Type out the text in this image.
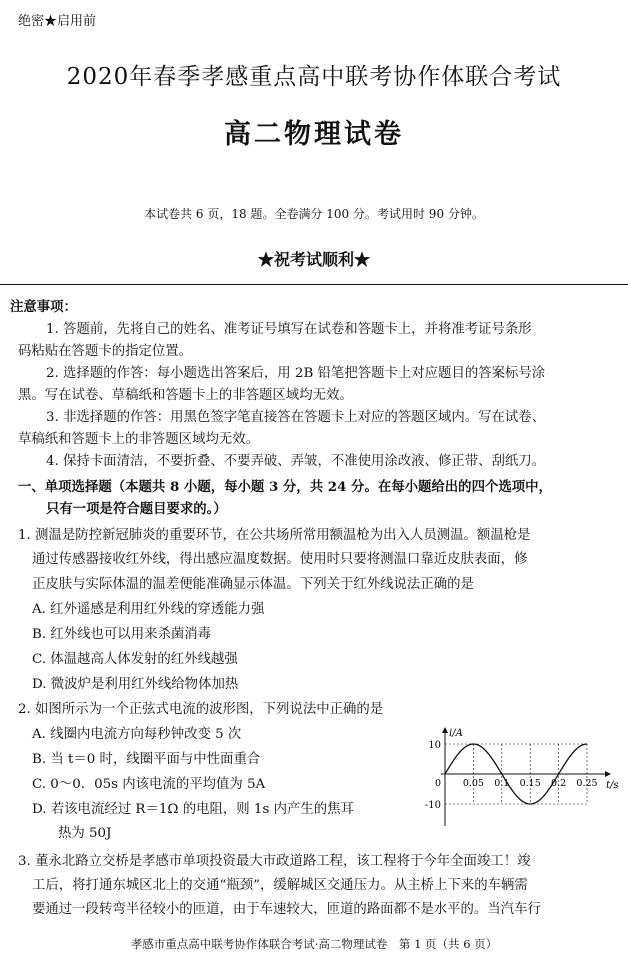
绝密★启用前
2020年春季孝感重点高中联考协作体联合考试
高二物理试卷
本试卷共 6 页，18 题。全卷满分 100 分。考试用时 90 分钟。
★祝考试顺利★
注意事项：
1. 答题前，先将自己的姓名、准考证号填写在试卷和答题卡上，并将准考证号条形
码粘贴在答题卡的指定位置。
2. 选择题的作答：每小题选出答案后，用 2B 铅笔把答题卡上对应题目的答案标号涂
黑。写在试卷、草稿纸和答题卡上的非答题区域均无效。
3. 非选择题的作答：用黑色签字笔直接答在答题卡上对应的答题区域内。写在试卷、
草稿纸和答题卡上的非答题区域均无效。
4. 保持卡面清洁，不要折叠、不要弄破、弄皱，不准使用涂改液、修正带、刮纸刀。
一、单项选择题（本题共 8 小题，每小题 3 分，共 24 分。在每小题给出的四个选项中，
只有一项是符合题目要求的。）
1. 测温是防控新冠肺炎的重要环节，在公共场所常用额温枪为出入人员测温。额温枪是
通过传感器接收红外线，得出感应温度数据。使用时只要将测温口靠近皮肤表面，修
正皮肤与实际体温的温差便能准确显示体温。下列关于红外线说法正确的是
A. 红外遥感是利用红外线的穿透能力强
B. 红外线也可以用来杀菌消毒
C. 体温越高人体发射的红外线越强
D. 微波炉是利用红外线给物体加热
2. 如图所示为一个正弦式电流的波形图，下列说法中正确的是
A. 线圈内电流方向每秒钟改变 5 次
B. 当 t＝0 时，线圈平面与中性面重合
C. 0～0．05s 内该电流的平均值为 5A
D. 若该电流经过 R＝1Ω 的电阻，则 1s 内产生的焦耳
热为 50J
i/A
t/s
10
-10
0 0.05 0.1 0.15 0.2 0.25
3. 董永北路立交桥是孝感市单项投资最大市政道路工程，该工程将于今年全面竣工！竣
工后，将打通东城区北上的交通“瓶颈”，缓解城区交通压力。从主桥上下来的车辆需
要通过一段转弯半径较小的匝道，由于车速较大，匝道的路面都不是水平的。当汽车行
孝感市重点高中联考协作体联合考试·高二物理试卷　第 1 页（共 6 页）
